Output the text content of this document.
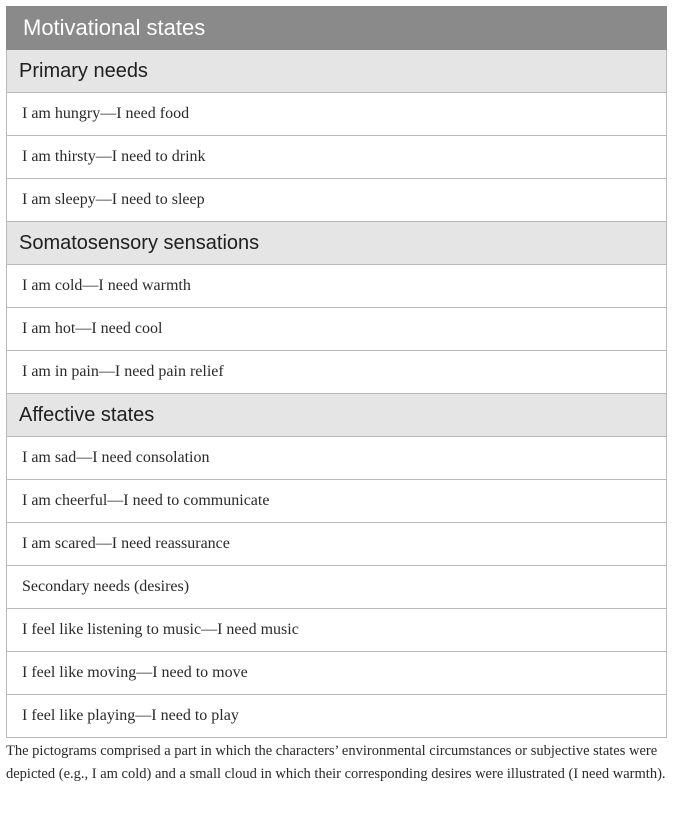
Motivational states
Primary needs
I am hungry—I need food
I am thirsty—I need to drink
I am sleepy—I need to sleep
Somatosensory sensations
I am cold—I need warmth
I am hot—I need cool
I am in pain—I need pain relief
Affective states
I am sad—I need consolation
I am cheerful—I need to communicate
I am scared—I need reassurance
Secondary needs (desires)
I feel like listening to music—I need music
I feel like moving—I need to move
I feel like playing—I need to play

The pictograms comprised a part in which the characters’ environmental circumstances or subjective states were depicted (e.g., I am cold) and a small cloud in which their corresponding desires were illustrated (I need warmth).
